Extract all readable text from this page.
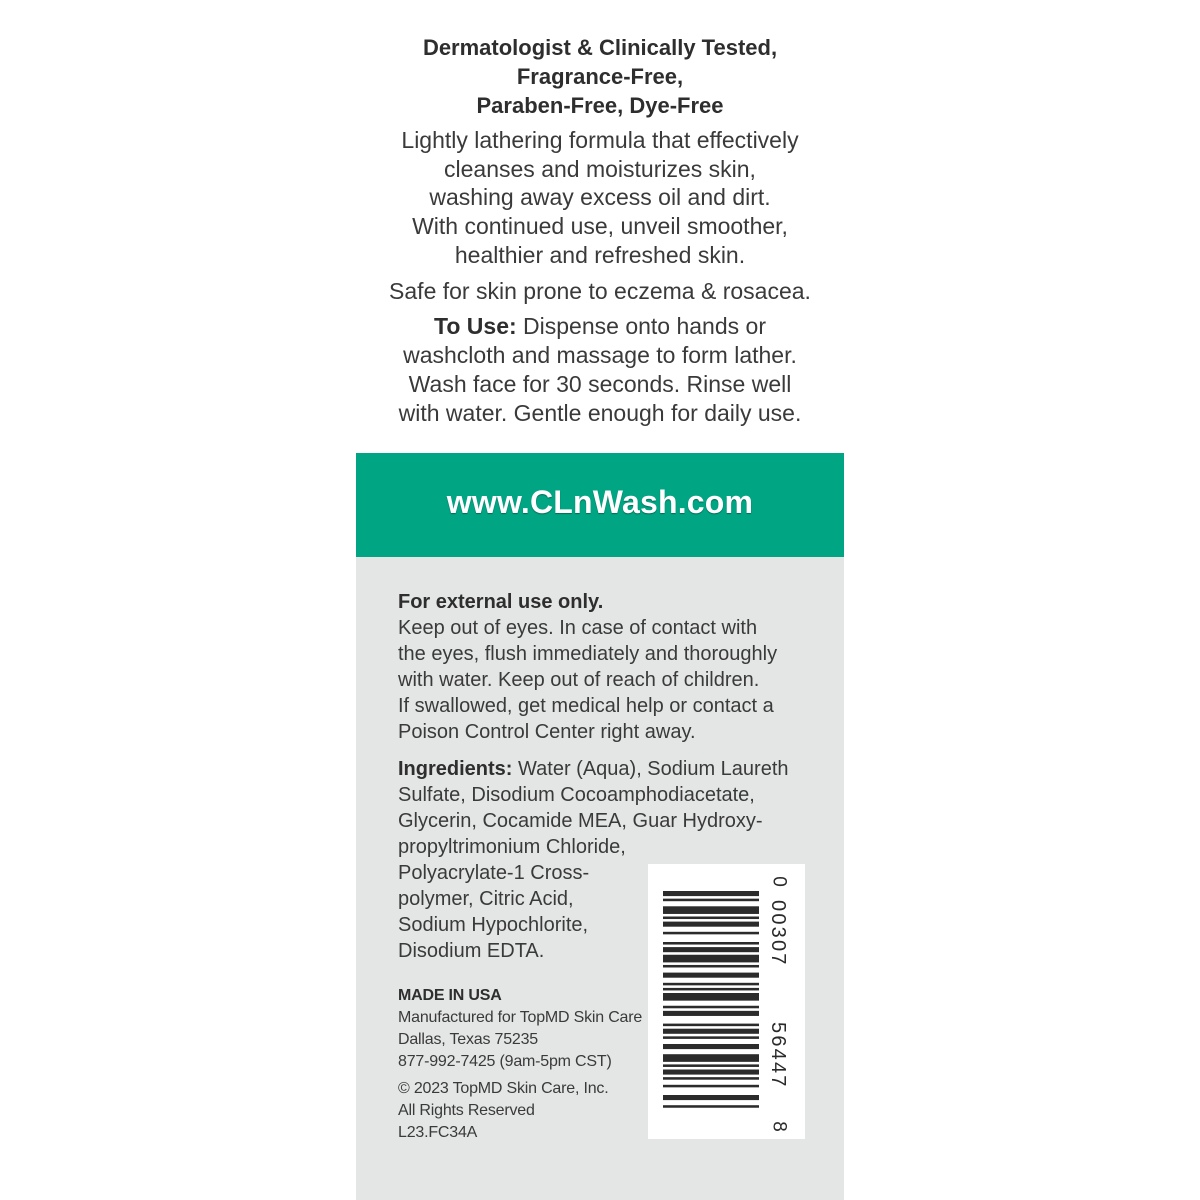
Dermatologist & Clinically Tested,
Fragrance-Free,
Paraben-Free, Dye-Free
Lightly lathering formula that effectively
cleanses and moisturizes skin,
washing away excess oil and dirt.
With continued use, unveil smoother,
healthier and refreshed skin.
Safe for skin prone to eczema & rosacea.
To Use: Dispense onto hands or
washcloth and massage to form lather.
Wash face for 30 seconds. Rinse well
with water. Gentle enough for daily use.
www.CLnWash.com
For external use only.
Keep out of eyes. In case of contact with
the eyes, flush immediately and thoroughly
with water. Keep out of reach of children.
If swallowed, get medical help or contact a
Poison Control Center right away.
Ingredients: Water (Aqua), Sodium Laureth
Sulfate, Disodium Cocoamphodiacetate,
Glycerin, Cocamide MEA, Guar Hydroxy-
propyltrimonium Chloride,
Polyacrylate-1 Cross-
polymer, Citric Acid,
Sodium Hypochlorite,
Disodium EDTA.
MADE IN USA
Manufactured for TopMD Skin Care
Dallas, Texas 75235
877-992-7425 (9am-5pm CST)
© 2023 TopMD Skin Care, Inc.
All Rights Reserved
L23.FC34A
0
8
00307
56447
